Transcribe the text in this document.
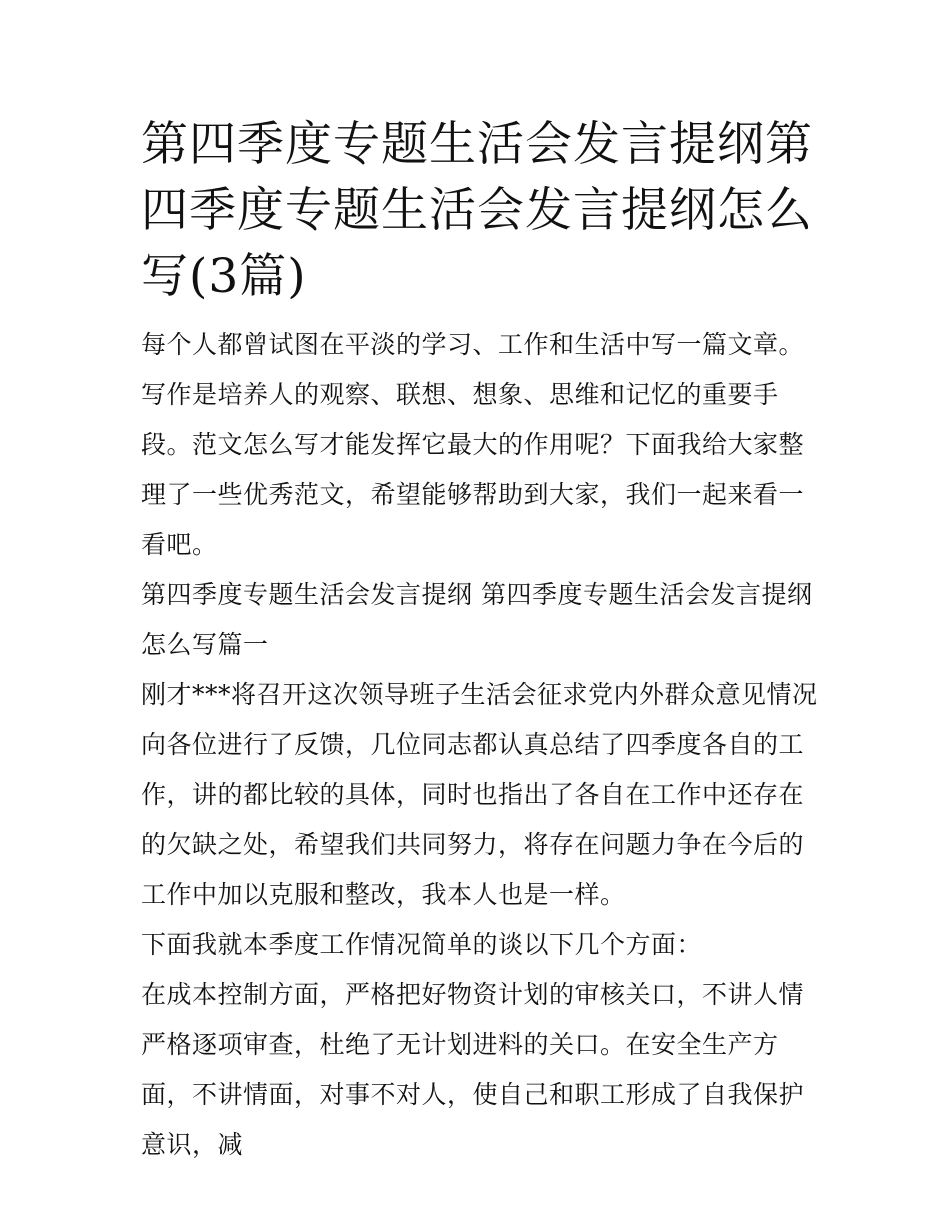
第四季度专题生活会发言提纲第四季度专题生活会发言提纲怎么写(3篇)

每个人都曾试图在平淡的学习、工作和生活中写一篇文章。写作是培养人的观察、联想、想象、思维和记忆的重要手段。范文怎么写才能发挥它最大的作用呢？下面我给大家整理了一些优秀范文，希望能够帮助到大家，我们一起来看一看吧。

第四季度专题生活会发言提纲 第四季度专题生活会发言提纲怎么写篇一

刚才***将召开这次领导班子生活会征求党内外群众意见情况向各位进行了反馈，几位同志都认真总结了四季度各自的工作，讲的都比较的具体，同时也指出了各自在工作中还存在的欠缺之处，希望我们共同努力，将存在问题力争在今后的工作中加以克服和整改，我本人也是一样。

下面我就本季度工作情况简单的谈以下几个方面：

在成本控制方面，严格把好物资计划的审核关口，不讲人情严格逐项审查，杜绝了无计划进料的关口。在安全生产方面，不讲情面，对事不对人，使自己和职工形成了自我保护意识，减
